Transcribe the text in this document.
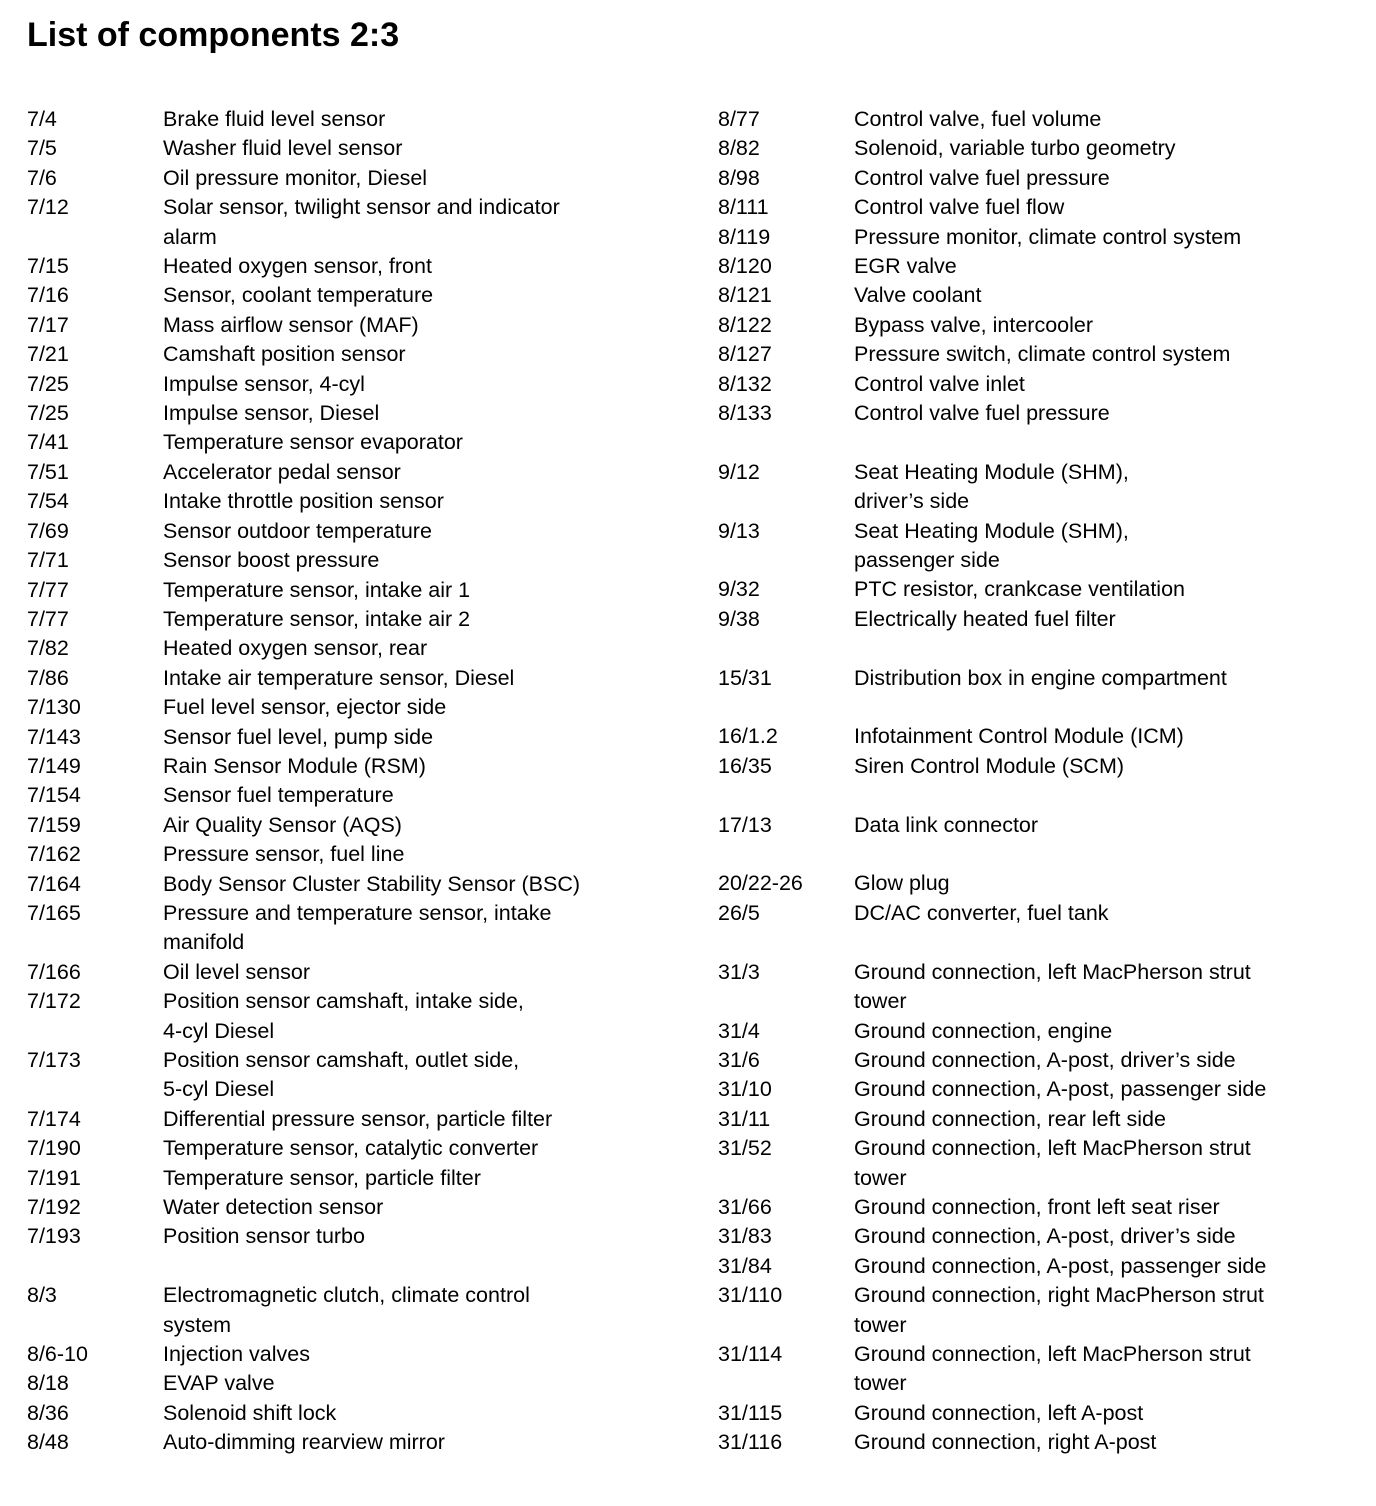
List of components 2:3
7/4	Brake fluid level sensor
7/5	Washer fluid level sensor
7/6	Oil pressure monitor, Diesel
7/12	Solar sensor, twilight sensor and indicator
alarm
7/15	Heated oxygen sensor, front
7/16	Sensor, coolant temperature
7/17	Mass airflow sensor (MAF)
7/21	Camshaft position sensor
7/25	Impulse sensor, 4-cyl
7/25	Impulse sensor, Diesel
7/41	Temperature sensor evaporator
7/51	Accelerator pedal sensor
7/54	Intake throttle position sensor
7/69	Sensor outdoor temperature
7/71	Sensor boost pressure
7/77	Temperature sensor, intake air 1
7/77	Temperature sensor, intake air 2
7/82	Heated oxygen sensor, rear
7/86	Intake air temperature sensor, Diesel
7/130	Fuel level sensor, ejector side
7/143	Sensor fuel level, pump side
7/149	Rain Sensor Module (RSM)
7/154	Sensor fuel temperature
7/159	Air Quality Sensor (AQS)
7/162	Pressure sensor, fuel line
7/164	Body Sensor Cluster Stability Sensor (BSC)
7/165	Pressure and temperature sensor, intake
manifold
7/166	Oil level sensor
7/172	Position sensor camshaft, intake side,
4-cyl Diesel
7/173	Position sensor camshaft, outlet side,
5-cyl Diesel
7/174	Differential pressure sensor, particle filter
7/190	Temperature sensor, catalytic converter
7/191	Temperature sensor, particle filter
7/192	Water detection sensor
7/193	Position sensor turbo
8/3	Electromagnetic clutch, climate control
system
8/6-10	Injection valves
8/18	EVAP valve
8/36	Solenoid shift lock
8/48	Auto-dimming rearview mirror
8/77	Control valve, fuel volume
8/82	Solenoid, variable turbo geometry
8/98	Control valve fuel pressure
8/111	Control valve fuel flow
8/119	Pressure monitor, climate control system
8/120	EGR valve
8/121	Valve coolant
8/122	Bypass valve, intercooler
8/127	Pressure switch, climate control system
8/132	Control valve inlet
8/133	Control valve fuel pressure
9/12	Seat Heating Module (SHM),
driver’s side
9/13	Seat Heating Module (SHM),
passenger side
9/32	PTC resistor, crankcase ventilation
9/38	Electrically heated fuel filter
15/31	Distribution box in engine compartment
16/1.2	Infotainment Control Module (ICM)
16/35	Siren Control Module (SCM)
17/13	Data link connector
20/22-26	Glow plug
26/5	DC/AC converter, fuel tank
31/3	Ground connection, left MacPherson strut
tower
31/4	Ground connection, engine
31/6	Ground connection, A-post, driver’s side
31/10	Ground connection, A-post, passenger side
31/11	Ground connection, rear left side
31/52	Ground connection, left MacPherson strut
tower
31/66	Ground connection, front left seat riser
31/83	Ground connection, A-post, driver’s side
31/84	Ground connection, A-post, passenger side
31/110	Ground connection, right MacPherson strut
tower
31/114	Ground connection, left MacPherson strut
tower
31/115	Ground connection, left A-post
31/116	Ground connection, right A-post
